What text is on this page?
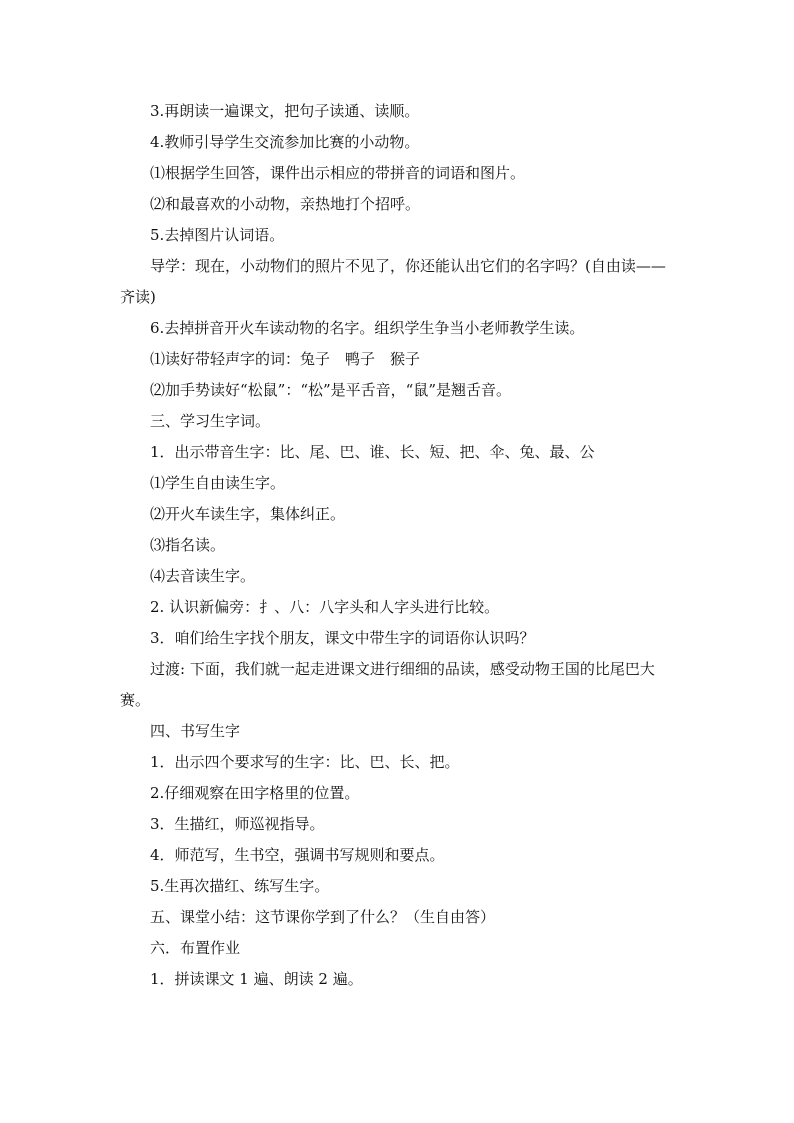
3.再朗读一遍课文，把句子读通、读顺。

4.教师引导学生交流参加比赛的小动物。

⑴根据学生回答，课件出示相应的带拼音的词语和图片。

⑵和最喜欢的小动物，亲热地打个招呼。

5.去掉图片认词语。

导学：现在，小动物们的照片不见了，你还能认出它们的名字吗？(自由读——齐读)

6.去掉拼音开火车读动物的名字。组织学生争当小老师教学生读。

⑴读好带轻声字的词：兔子　鸭子　猴子

⑵加手势读好“松鼠”：“松”是平舌音，“鼠”是翘舌音。

三、学习生字词。

1．出示带音生字：比、尾、巴、谁、长、短、把、伞、兔、最、公

⑴学生自由读生字。

⑵开火车读生字，集体纠正。

⑶指名读。

⑷去音读生字。

2. 认识新偏旁：扌、八：八字头和人字头进行比较。

3．咱们给生字找个朋友，课文中带生字的词语你认识吗？

过渡: 下面，我们就一起走进课文进行细细的品读，感受动物王国的比尾巴大赛。

四、书写生字

1．出示四个要求写的生字：比、巴、长、把。

2.仔细观察在田字格里的位置。

3．生描红，师巡视指导。

4．师范写，生书空，强调书写规则和要点。

5.生再次描红、练写生字。

五、课堂小结：这节课你学到了什么？（生自由答）

六．布置作业

1．拼读课文 1 遍、朗读 2 遍。
